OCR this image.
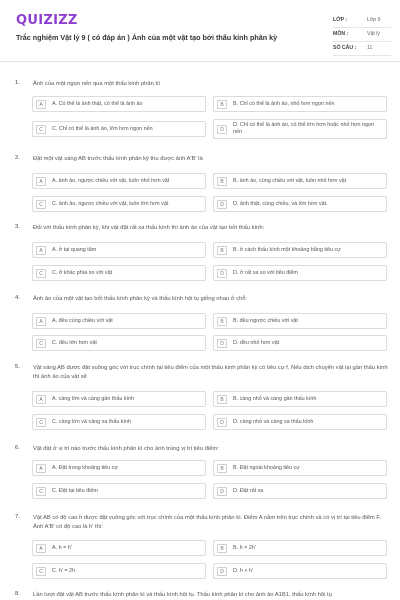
QUIZIZZ
Trắc nghiệm Vật lý 9 ( có đáp án ) Ảnh của một vật tạo bởi thấu kính phân kỳ
LỚP :	Lớp 9
MÔN :	Vật lý
SỐ CÂU : 11
1. Ảnh của một ngọn nến qua một thấu kính phân kì
A	A. Có thể là ảnh thật, có thể là ảnh ảo	B	B. Chỉ có thể là ảnh ảo, nhỏ hơn ngọn nến
C	C. Chỉ có thể là ảnh ảo, lớn hơn ngọn nến	D
D. Chỉ có thể là ảnh ảo, có thể lớn hơn hoặc nhỏ hơn ngọn nến
2. Đặt một vật sáng AB trước thấu kính phân kỳ thu được ảnh A'B' là
A	A. ảnh ảo, ngược chiều với vật, luôn nhỏ hơn vật	B	B. ảnh ảo, cùng chiều với vật, luôn nhỏ hơn vật
C	C. ảnh ảo, ngược chiều với vật, luôn lớn hơn vật	D	D. ảnh thật, cùng chiều, và lớn hơn vật.
3. Đối với thấu kính phân kỳ, khi vật đặt rất xa thấu kính thì ảnh ảo của vật tạo bởi thấu kính:
A	A. ở tại quang tâm	B	B. ở cách thấu kính một khoảng bằng tiêu cự
C	C. ở khác phía so với vật	D	D. ở rất xa so với tiêu điểm
4. Ảnh ảo của một vật tạo bởi thấu kính phân kỳ và thấu kính hội tụ giống nhau ở chỗ
A	A. đều cùng chiều với vật	B	B. đều ngược chiều với vật
C	C. đều lớn hơn vật	D	D. đều nhỏ hơn vật
5. Vật sáng AB được đặt vuông góc với trục chính tại tiêu điểm của một thấu kính phân kỳ có tiêu cự f. Nếu dịch chuyển vật lại gần thấu kính thì ảnh ảo của vật sẽ
A	A. càng lớn và càng gần thấu kính	B	B. càng nhỏ và càng gần thấu kính
C	C. càng lớn và càng xa thấu kính	D	D. càng nhỏ và càng xa thấu kính
6. Vật đặt ở vị trí nào trước thấu kính phân kì cho ảnh trùng vị trí tiêu điểm:
A	A. Đặt trong khoảng tiêu cự	B	B. Đặt ngoài khoảng tiêu cự
C	C. Đặt tại tiêu điểm	D	D. Đặt rất xa
7. Vật AB có độ cao h được đặt vuông góc với trục chính của một thấu kính phân kì. Điểm A nằm trên trục chính và có vị trí tại tiêu điểm F. Ảnh A'B' có độ cao là h' thì:
A	A. h = h'	B	B. h = 2h'
C	C. h' = 2h	D	D. h < h'
8. Lần lượt đặt vật AB trước thấu kính phân kì và thấu kính hội tụ. Thấu kính phân kì cho ảnh ảo A1B1, thấu kính hội tụ
